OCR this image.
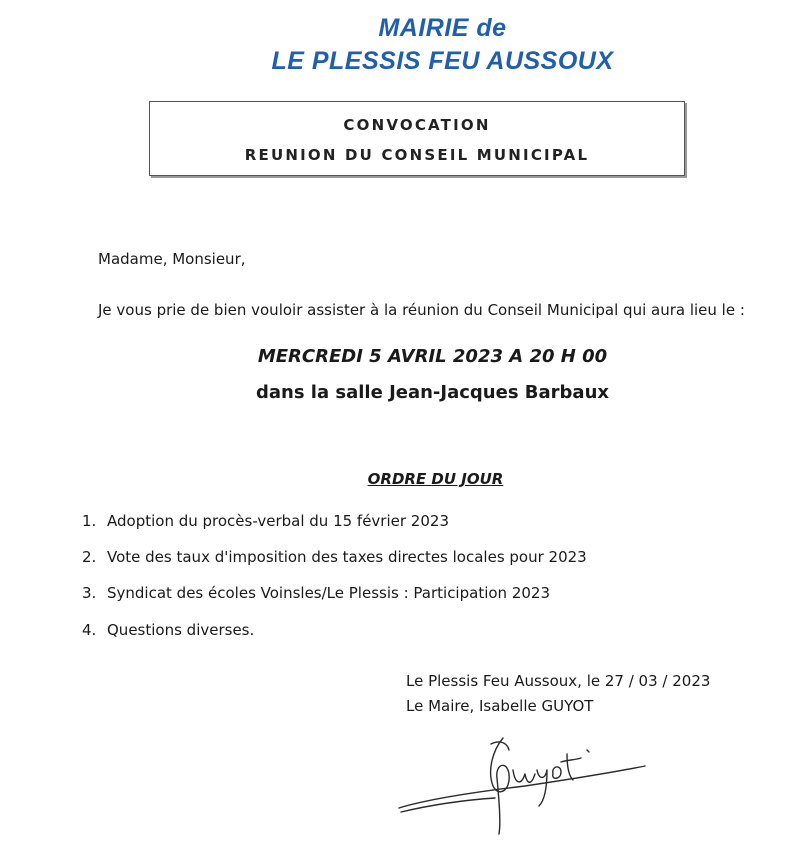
MAIRIE de
LE PLESSIS FEU AUSSOUX
CONVOCATION
REUNION DU CONSEIL MUNICIPAL
Madame, Monsieur,
Je vous prie de bien vouloir assister à la réunion du Conseil Municipal qui aura lieu le :
MERCREDI 5 AVRIL 2023 A 20 H 00
dans la salle Jean-Jacques Barbaux
ORDRE DU JOUR
1. Adoption du procès-verbal du 15 février 2023
2. Vote des taux d'imposition des taxes directes locales pour 2023
3. Syndicat des écoles Voinsles/Le Plessis : Participation 2023
4. Questions diverses.
Le Plessis Feu Aussoux, le 27 / 03 / 2023
Le Maire, Isabelle GUYOT
